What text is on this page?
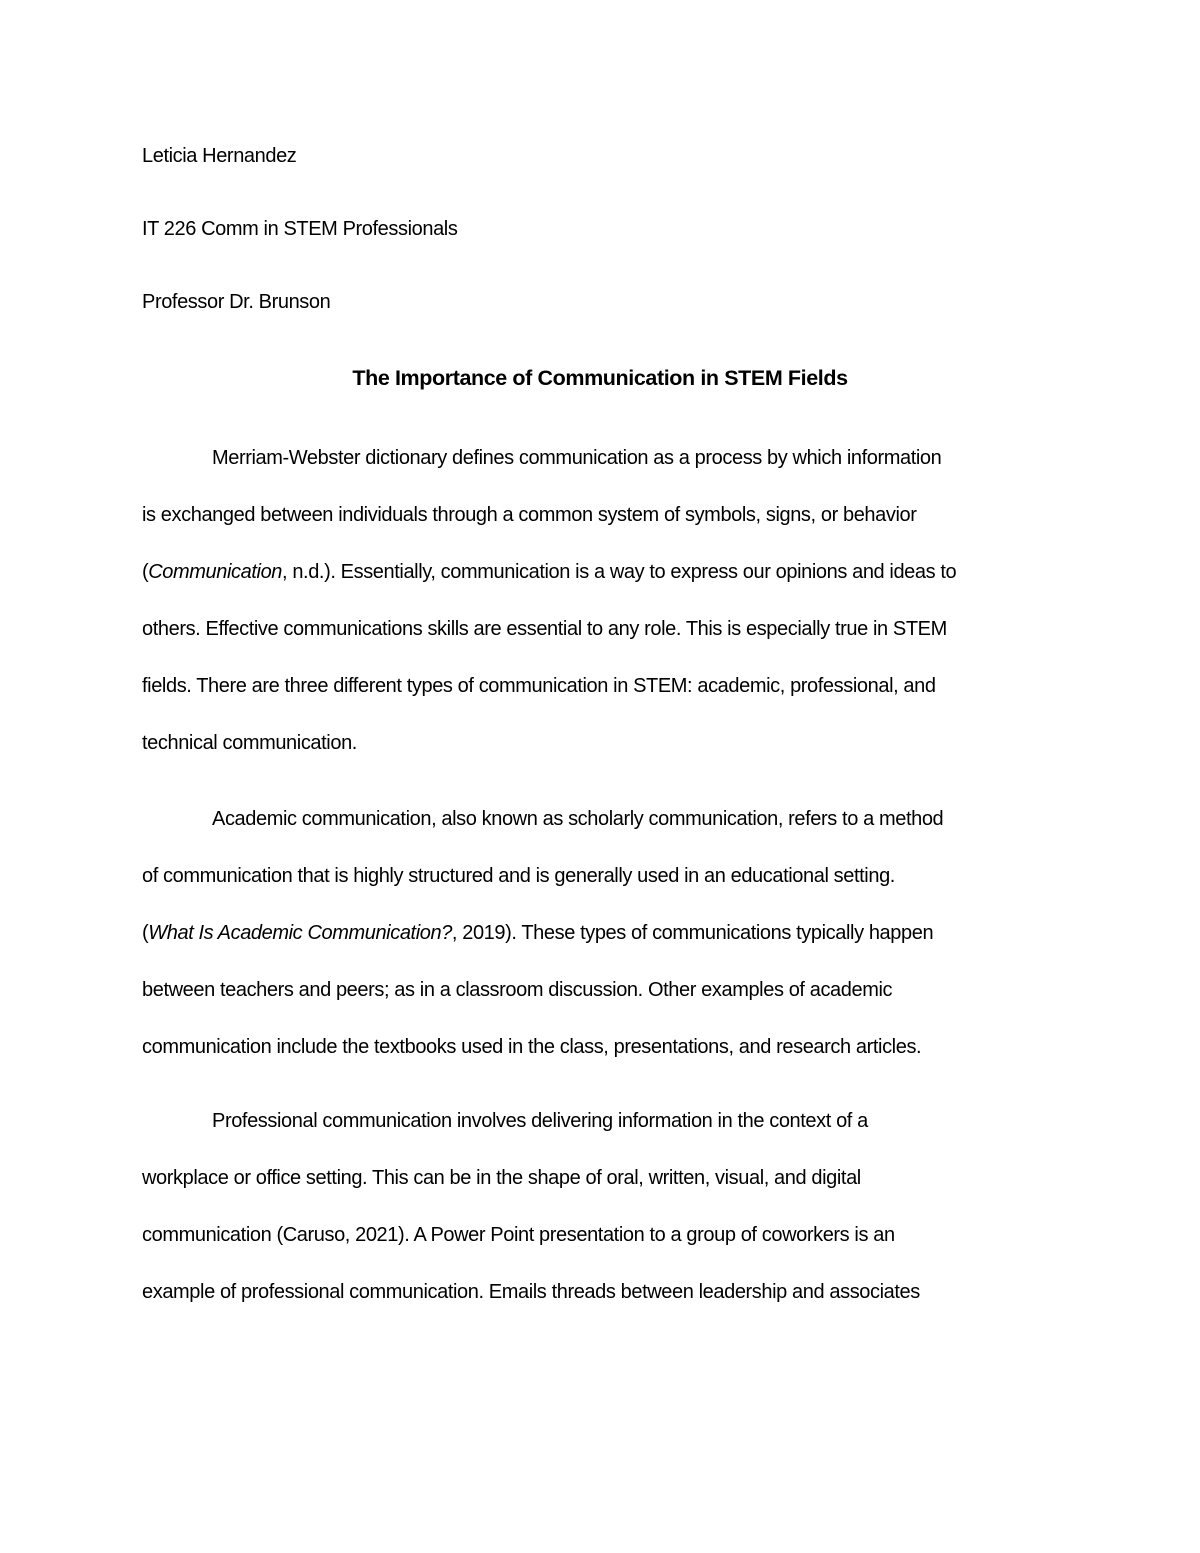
Leticia Hernandez

IT 226 Comm in STEM Professionals

Professor Dr. Brunson

The Importance of Communication in STEM Fields

Merriam-Webster dictionary defines communication as a process by which information

is exchanged between individuals through a common system of symbols, signs, or behavior

(Communication, n.d.). Essentially, communication is a way to express our opinions and ideas to

others. Effective communications skills are essential to any role. This is especially true in STEM

fields. There are three different types of communication in STEM: academic, professional, and

technical communication.

Academic communication, also known as scholarly communication, refers to a method

of communication that is highly structured and is generally used in an educational setting.

(What Is Academic Communication?, 2019). These types of communications typically happen

between teachers and peers; as in a classroom discussion. Other examples of academic

communication include the textbooks used in the class, presentations, and research articles.

Professional communication involves delivering information in the context of a

workplace or office setting. This can be in the shape of oral, written, visual, and digital

communication (Caruso, 2021). A Power Point presentation to a group of coworkers is an

example of professional communication. Emails threads between leadership and associates
